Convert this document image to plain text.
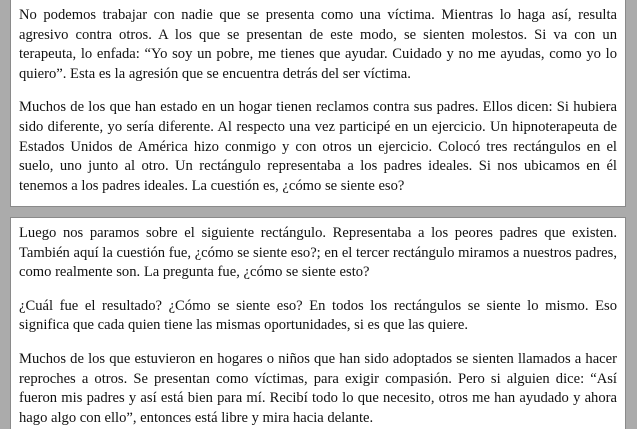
No podemos trabajar con nadie que se presenta como una víctima. Mientras lo haga así, resulta agresivo contra otros. A los que se presentan de este modo, se sienten molestos. Si va con un terapeuta, lo enfada: “Yo soy un pobre, me tienes que ayudar. Cuidado y no me ayudas, como yo lo quiero”. Esta es la agresión que se encuentra detrás del ser víctima.

Muchos de los que han estado en un hogar tienen reclamos contra sus padres. Ellos dicen: Si hubiera sido diferente, yo sería diferente. Al respecto una vez participé en un ejercicio. Un hipnoterapeuta de Estados Unidos de América hizo conmigo y con otros un ejercicio. Colocó tres rectángulos en el suelo, uno junto al otro. Un rectángulo representaba a los padres ideales. Si nos ubicamos en él tenemos a los padres ideales. La cuestión es, ¿cómo se siente eso?

Luego nos paramos sobre el siguiente rectángulo. Representaba a los peores padres que existen. También aquí la cuestión fue, ¿cómo se siente eso?; en el tercer rectángulo miramos a nuestros padres, como realmente son. La pregunta fue, ¿cómo se siente esto?

¿Cuál fue el resultado? ¿Cómo se siente eso? En todos los rectángulos se siente lo mismo. Eso significa que cada quien tiene las mismas oportunidades, si es que las quiere.

Muchos de los que estuvieron en hogares o niños que han sido adoptados se sienten llamados a hacer reproches a otros. Se presentan como víctimas, para exigir compasión. Pero si alguien dice: “Así fueron mis padres y así está bien para mí. Recibí todo lo que necesito, otros me han ayudado y ahora hago algo con ello”, entonces está libre y mira hacia delante.
